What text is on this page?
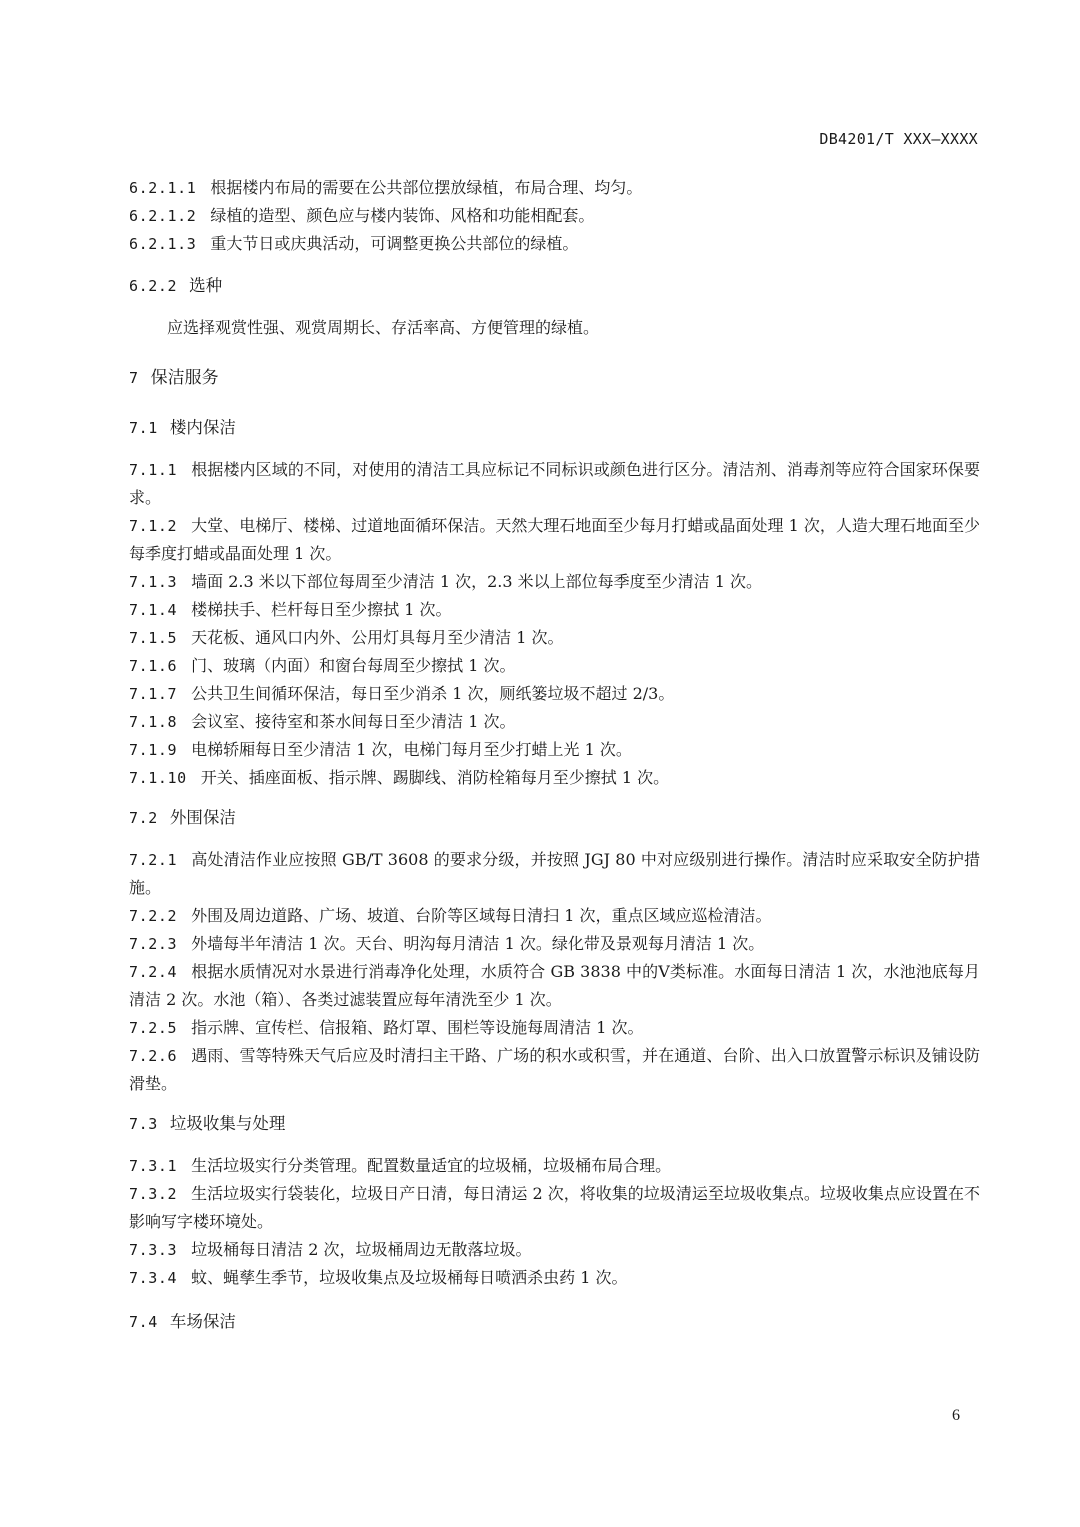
DB4201/T XXX—XXXX

6.2.1.1 根据楼内布局的需要在公共部位摆放绿植，布局合理、均匀。

6.2.1.2 绿植的造型、颜色应与楼内装饰、风格和功能相配套。

6.2.1.3 重大节日或庆典活动，可调整更换公共部位的绿植。

6.2.2 选种

应选择观赏性强、观赏周期长、存活率高、方便管理的绿植。

7 保洁服务
7.1 楼内保洁

7.1.1 根据楼内区域的不同，对使用的清洁工具应标记不同标识或颜色进行区分。清洁剂、消毒剂等应符合国家环保要求。

7.1.2 大堂、电梯厅、楼梯、过道地面循环保洁。天然大理石地面至少每月打蜡或晶面处理 1 次，人造大理石地面至少每季度打蜡或晶面处理 1 次。

7.1.3 墙面 2.3 米以下部位每周至少清洁 1 次，2.3 米以上部位每季度至少清洁 1 次。

7.1.4 楼梯扶手、栏杆每日至少擦拭 1 次。

7.1.5 天花板、通风口内外、公用灯具每月至少清洁 1 次。

7.1.6 门、玻璃（内面）和窗台每周至少擦拭 1 次。

7.1.7 公共卫生间循环保洁，每日至少消杀 1 次，厕纸篓垃圾不超过 2/3。

7.1.8 会议室、接待室和茶水间每日至少清洁 1 次。

7.1.9 电梯轿厢每日至少清洁 1 次，电梯门每月至少打蜡上光 1 次。

7.1.10 开关、插座面板、指示牌、踢脚线、消防栓箱每月至少擦拭 1 次。

7.2 外围保洁

7.2.1 高处清洁作业应按照 GB/T 3608 的要求分级，并按照 JGJ 80 中对应级别进行操作。清洁时应采取安全防护措施。

7.2.2 外围及周边道路、广场、坡道、台阶等区域每日清扫 1 次，重点区域应巡检清洁。

7.2.3 外墙每半年清洁 1 次。天台、明沟每月清洁 1 次。绿化带及景观每月清洁 1 次。

7.2.4 根据水质情况对水景进行消毒净化处理，水质符合 GB 3838 中的Ⅴ类标准。水面每日清洁 1 次，水池池底每月清洁 2 次。水池（箱）、各类过滤装置应每年清洗至少 1 次。

7.2.5 指示牌、宣传栏、信报箱、路灯罩、围栏等设施每周清洁 1 次。

7.2.6 遇雨、雪等特殊天气后应及时清扫主干路、广场的积水或积雪，并在通道、台阶、出入口放置警示标识及铺设防滑垫。

7.3 垃圾收集与处理

7.3.1 生活垃圾实行分类管理。配置数量适宜的垃圾桶，垃圾桶布局合理。

7.3.2 生活垃圾实行袋装化，垃圾日产日清，每日清运 2 次，将收集的垃圾清运至垃圾收集点。垃圾收集点应设置在不影响写字楼环境处。

7.3.3 垃圾桶每日清洁 2 次，垃圾桶周边无散落垃圾。

7.3.4 蚊、蝇孳生季节，垃圾收集点及垃圾桶每日喷洒杀虫药 1 次。

7.4 车场保洁
6
